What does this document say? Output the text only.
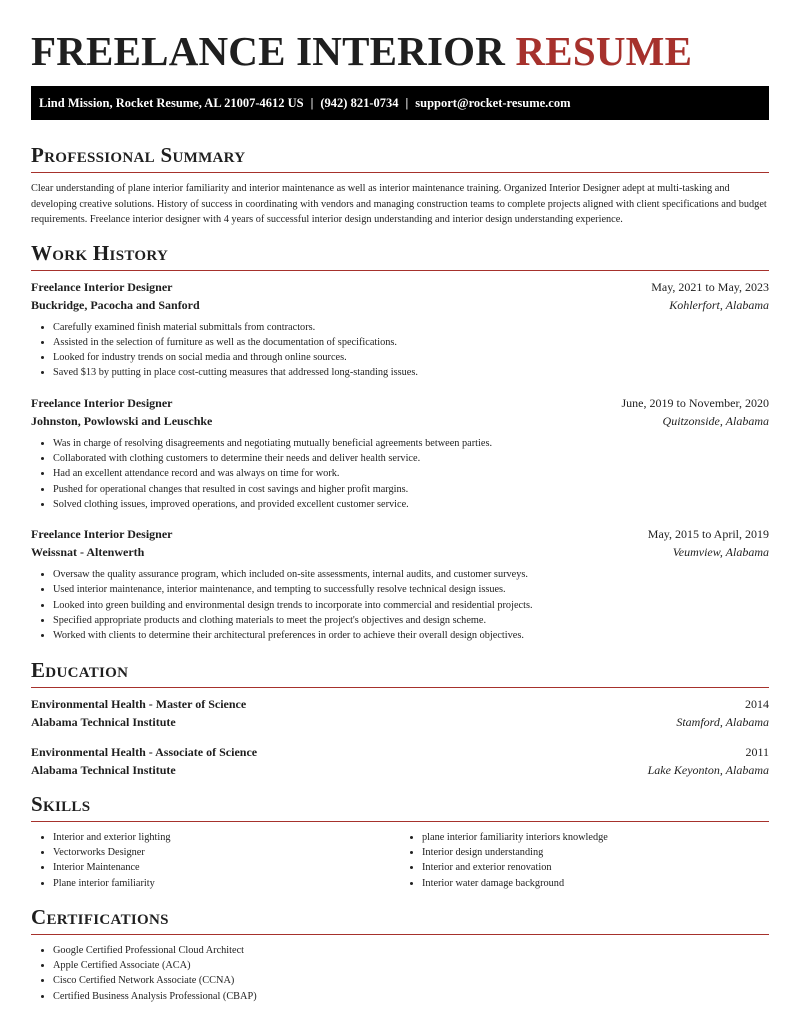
FREELANCE INTERIOR RESUME
Lind Mission, Rocket Resume, AL 21007-4612 US | (942) 821-0734 | support@rocket-resume.com
Professional Summary

Clear understanding of plane interior familiarity and interior maintenance as well as interior maintenance training. Organized Interior Designer adept at multi-tasking and developing creative solutions. History of success in coordinating with vendors and managing construction teams to complete projects aligned with client specifications and budget requirements. Freelance interior designer with 4 years of successful interior design understanding and interior design understanding experience.

Work History
Freelance Interior Designer	May, 2021 to May, 2023
Buckridge, Pacocha and Sanford	Kohlerfort, Alabama
• Carefully examined finish material submittals from contractors.
• Assisted in the selection of furniture as well as the documentation of specifications.
• Looked for industry trends on social media and through online sources.
• Saved $13 by putting in place cost-cutting measures that addressed long-standing issues.
Freelance Interior Designer	June, 2019 to November, 2020
Johnston, Powlowski and Leuschke	Quitzonside, Alabama
• Was in charge of resolving disagreements and negotiating mutually beneficial agreements between parties.
• Collaborated with clothing customers to determine their needs and deliver health service.
• Had an excellent attendance record and was always on time for work.
• Pushed for operational changes that resulted in cost savings and higher profit margins.
• Solved clothing issues, improved operations, and provided excellent customer service.
Freelance Interior Designer	May, 2015 to April, 2019
Weissnat - Altenwerth	Veumview, Alabama
• Oversaw the quality assurance program, which included on-site assessments, internal audits, and customer surveys.
• Used interior maintenance, interior maintenance, and tempting to successfully resolve technical design issues.
• Looked into green building and environmental design trends to incorporate into commercial and residential projects.
• Specified appropriate products and clothing materials to meet the project's objectives and design scheme.
• Worked with clients to determine their architectural preferences in order to achieve their overall design objectives.
Education
Environmental Health - Master of Science	2014
Alabama Technical Institute	Stamford, Alabama
Environmental Health - Associate of Science	2011
Alabama Technical Institute	Lake Keyonton, Alabama
Skills
• Interior and exterior lighting
• Vectorworks Designer
• Interior Maintenance
• Plane interior familiarity
• plane interior familiarity interiors knowledge
• Interior design understanding
• Interior and exterior renovation
• Interior water damage background
Certifications
• Google Certified Professional Cloud Architect
• Apple Certified Associate (ACA)
• Cisco Certified Network Associate (CCNA)
• Certified Business Analysis Professional (CBAP)
